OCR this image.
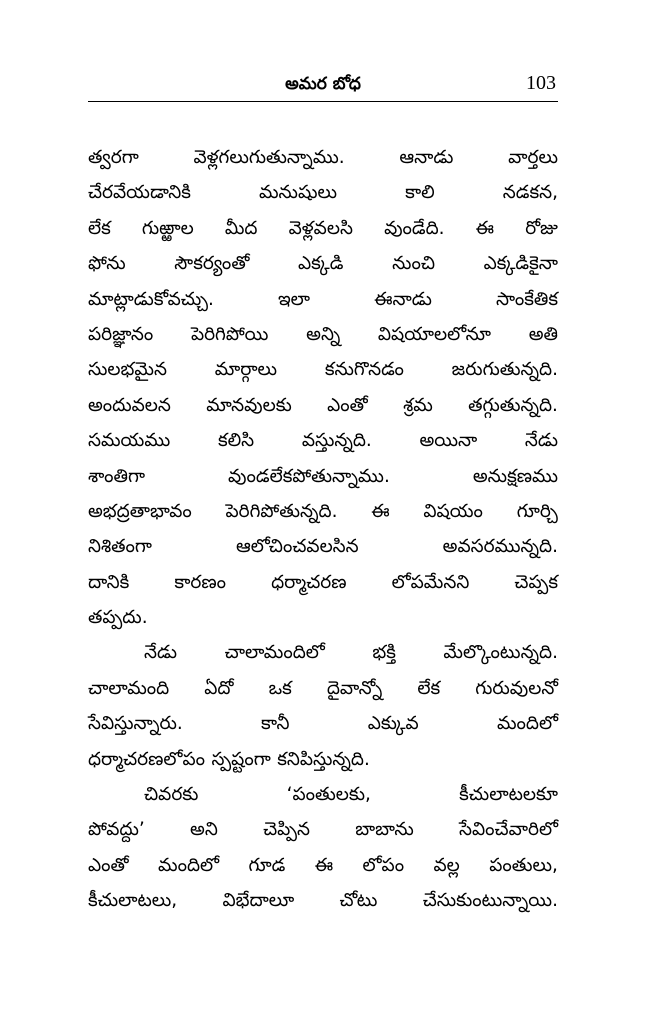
అమర బోధ	103
త్వరగా	వెళ్లగలుగుతున్నాము.	ఆనాడు	వార్తలు
చేరవేయడానికి	మనుషులు	కాలి	నడకన,
లేక గుఱ్ఱాల మీద వెళ్లవలసి వుండేది. ఈ రోజు
ఫోను	సౌకర్యంతో	ఎక్కడి	నుంచి	ఎక్కడికైనా
మాట్లాడుకోవచ్చు.	ఇలా	ఈనాడు	సాంకేతిక
పరిజ్ఞానం పెరిగిపోయి అన్ని విషయాలలోనూ అతి
సులభమైన	మార్గాలు	కనుగొనడం	జరుగుతున్నది.
అందువలన మానవులకు ఎంతో శ్రమ తగ్గుతున్నది.
సమయము	కలిసి	వస్తున్నది.	అయినా	నేడు
శాంతిగా	వుండలేకపోతున్నాము.	అనుక్షణము
అభద్రతాభావం పెరిగిపోతున్నది. ఈ విషయం గూర్చి
నిశితంగా	ఆలోచించవలసిన	అవసరమున్నది.
దానికి కారణం ధర్మాచరణ లోపమేనని చెప్పక
తప్పదు.
నేడు	చాలామందిలో	భక్తి	మేల్కొంటున్నది.
చాలామంది ఏదో ఒక దైవాన్నో లేక గురువులనో
సేవిస్తున్నారు.	కానీ	ఎక్కువ	మందిలో
ధర్మాచరణలోపం స్పష్టంగా కనిపిస్తున్నది.
చివరకు	‘పంతులకు,	కీచులాటలకూ
పోవద్దు’ అని చెప్పిన బాబాను సేవించేవారిలో
ఎంతో మందిలో గూడ ఈ లోపం వల్ల పంతులు,
కీచులాటలు, విభేదాలూ చోటు చేసుకుంటున్నాయి.
